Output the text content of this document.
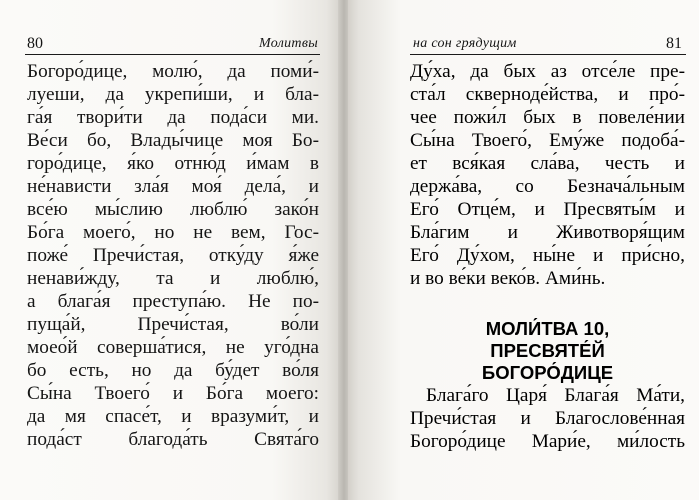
80	Молитвы
Богоро́дице, молю́, да поми́-
луеши, да укрепи́ши, и бла-
га́я твори́ти да пода́си ми.
Ве́си бо, Влады́чице моя Бо-
горо́дице, я́ко отню́д и́мам в
не́нависти зла́я моя́ дела́, и
все́ю мы́слию люблю́ зако́н
Бо́га моего́, но не вем, Гос-
поже́ Пречи́стая, отку́ду я́же
ненави́жду, та и люблю́,
а блага́я преступа́ю. Не по-
пуща́й, Пречи́стая, во́ли
моео́й соверша́тися, не уго́дна
бо есть, но да бу́дет во́ля
Сы́на Твоего́ и Бо́га моего:
да мя спасе́т, и вразуми́т, и
пода́ст благода́ть Свята́го
на сон грядущим	81
Ду́ха, да бых аз отсе́ле пре-
ста́л скверноде́йства, и про́-
чее пожи́л бых в повеле́нии
Сы́на Твоего́, Ему́же подоба́-
ет вся́кая сла́ва, честь и
держа́ва, со Безнача́льным
Его́ Отце́м, и Пресвяты́м и
Бла́гим и Животворя́щим
Его́ Ду́хом, ны́не и при́сно,
и во ве́ки веко́в. Ами́нь.
МОЛИ́ТВА 10,
ПРЕСВЯТЕ́Й
БОГОРО́ДИЦЕ
Блага́го Царя́ Блага́я Ма́ти,
Пречи́стая и Благослове́нная
Богоро́дице Мари́е, ми́лость
